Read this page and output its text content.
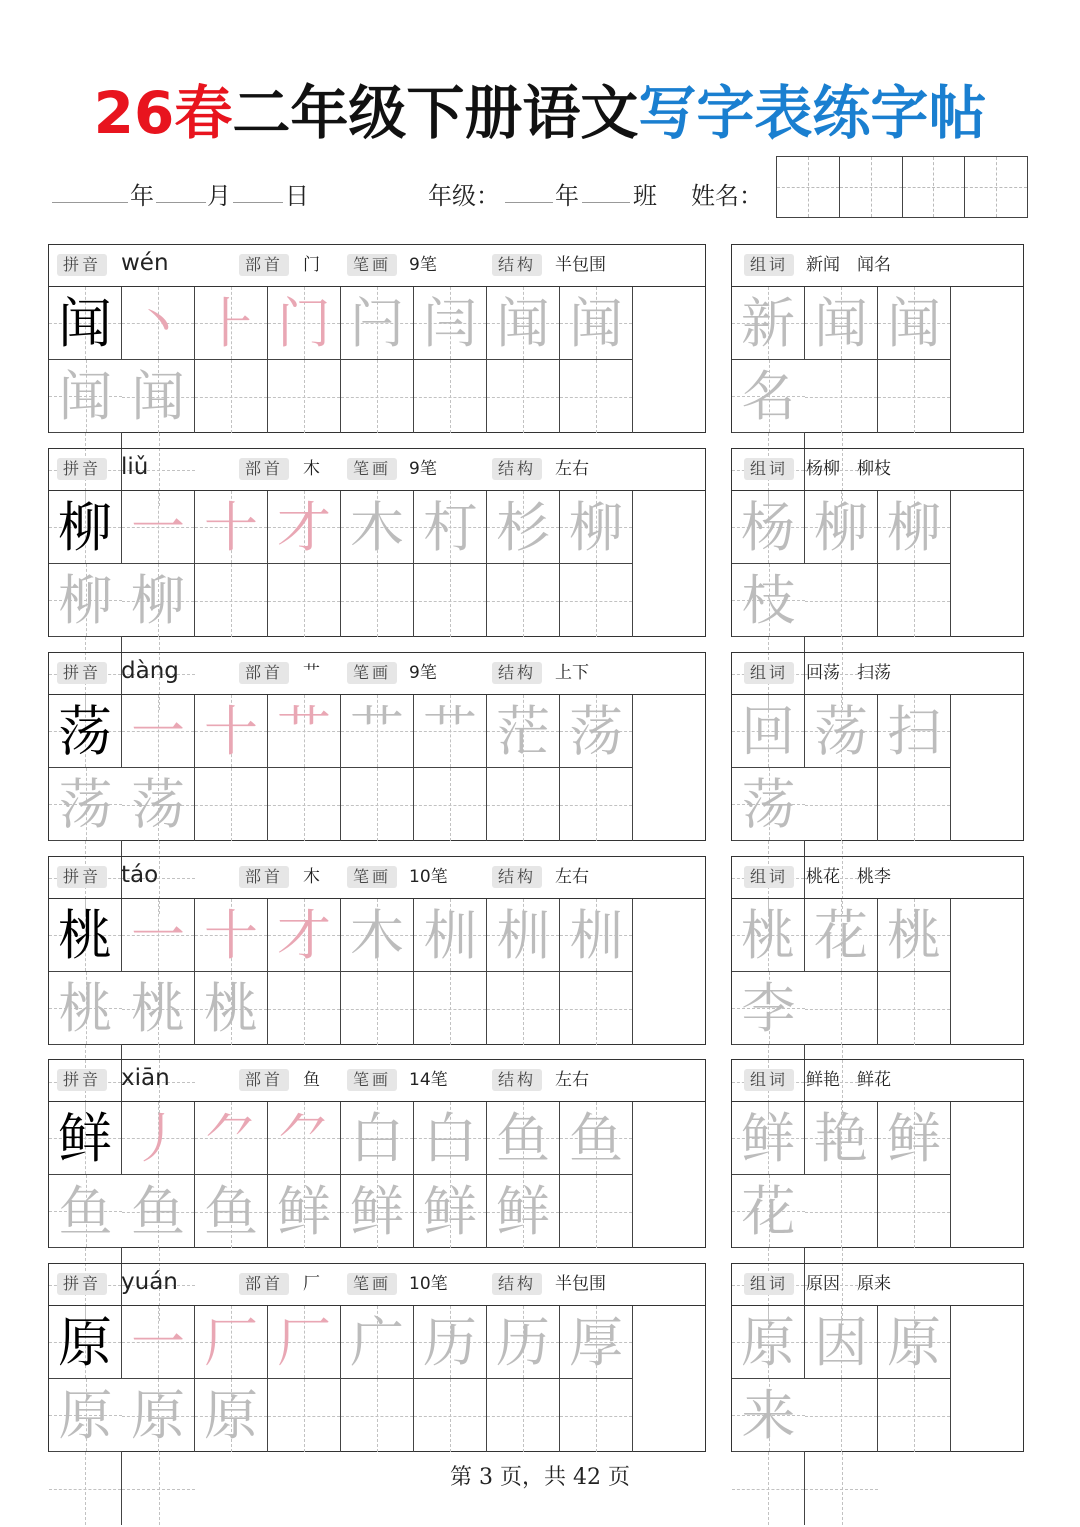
26春二年级下册语文写字表练字帖
年 月 日	年级： 年 班 姓名：
拼音 wén	部首	门	笔画	9笔	结构	半包围
闻 丶 ⺊ 门 闩 闫 闻 闻
闻 闻
组词	新闻　闻名
新 闻 闻
名
拼音 liǔ	部首	木	笔画	9笔	结构	左右
柳 一 十 才 木 朾 杉 柳
柳 柳
组词	杨柳　柳枝
杨 柳 柳
枝
拼音 dàng	部首	艹	笔画	9笔	结构	上下
荡 一 十 艹 艹 艹 茫 荡
荡 荡
组词	回荡　扫荡
回 荡 扫
荡
拼音 táo	部首	木	笔画	10笔	结构	左右
桃 一 十 才 木 杊 杊 杊
桃 桃 桃
组词	桃花　桃李
桃 花 桃
李
拼音 xiān	部首	鱼	笔画	14笔	结构	左右
鲜 丿 ⺈ ⺈ 白 白 鱼 鱼
鱼 鱼 鱼 鲜 鲜 鲜 鲜
组词	鲜艳　鲜花
鲜 艳 鲜
花
拼音 yuán	部首	厂	笔画	10笔	结构	半包围
原 一 厂 厂 广 历 历 厚
原 原 原
组词	原因　原来
原 因 原
来
第 3 页，共 42 页
